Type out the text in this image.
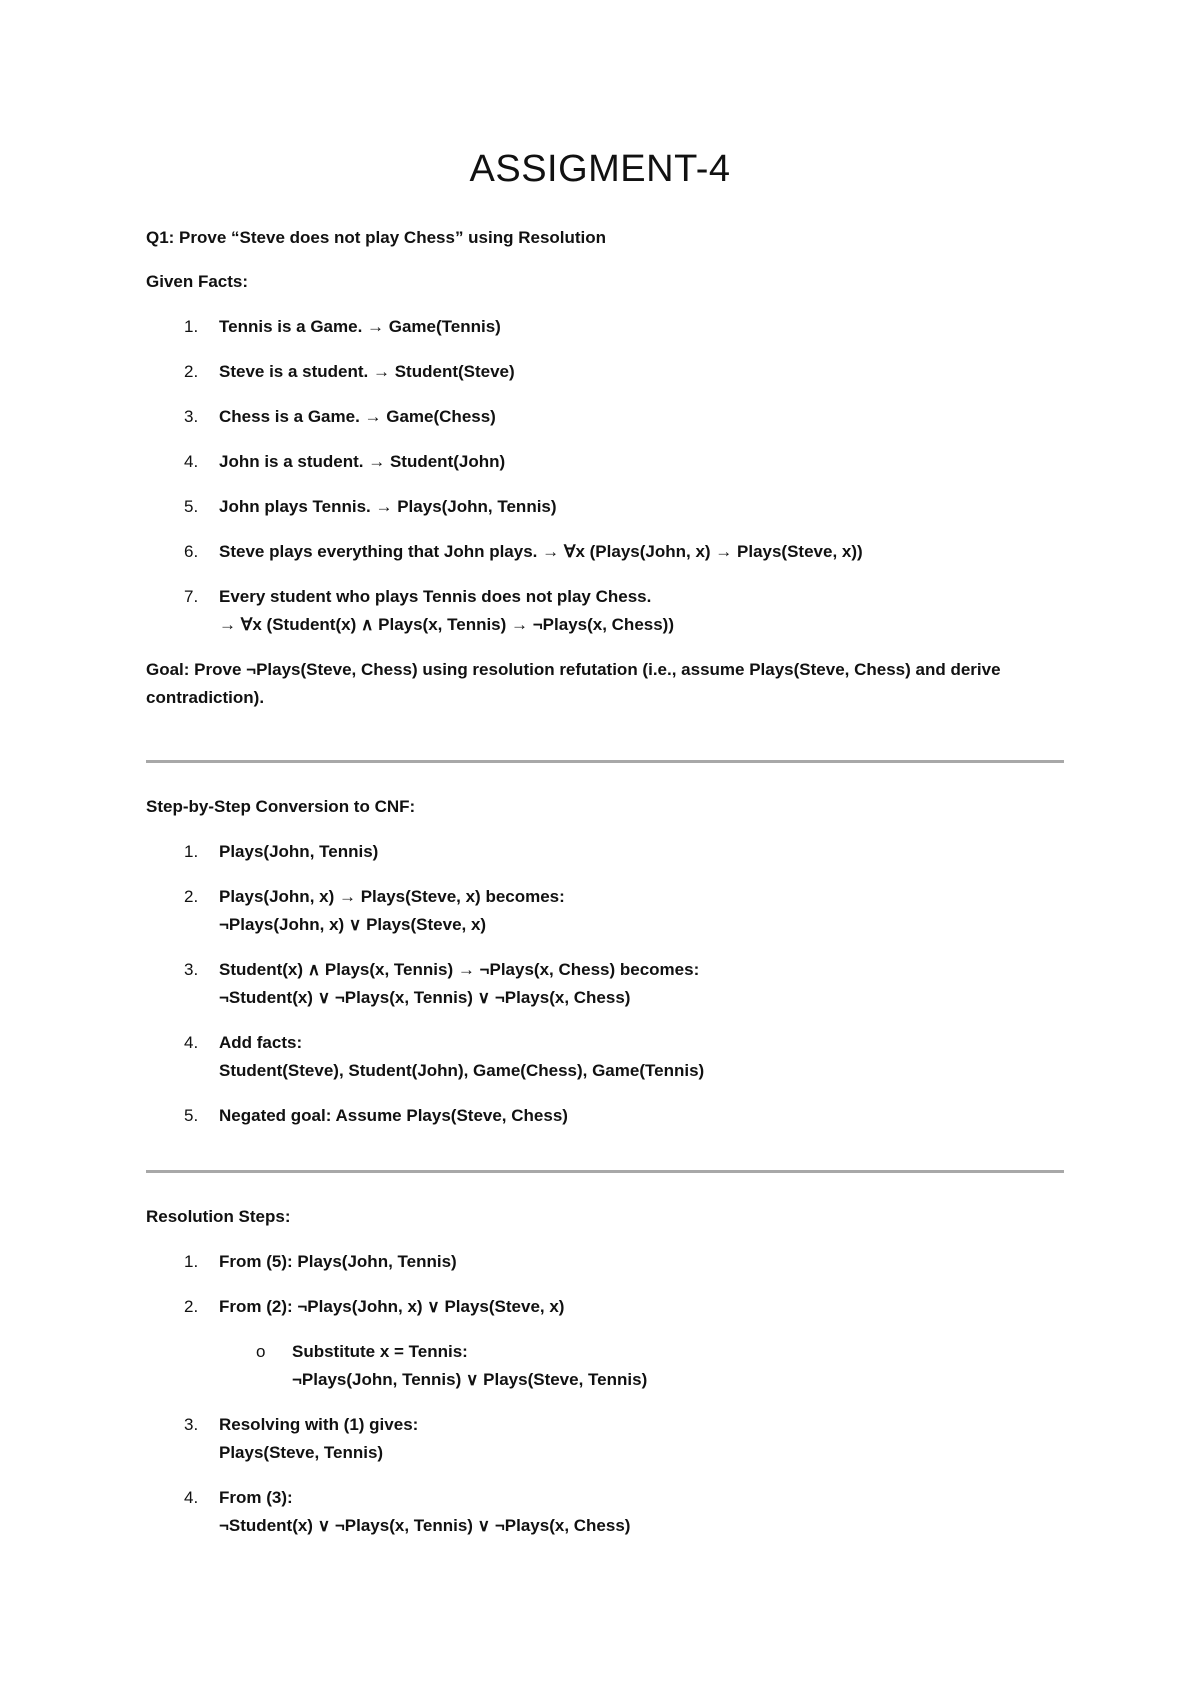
ASSIGMENT-4

Q1: Prove “Steve does not play Chess” using Resolution

Given Facts:

1. Tennis is a Game. → Game(Tennis)
2. Steve is a student. → Student(Steve)
3. Chess is a Game. → Game(Chess)
4. John is a student. → Student(John)
5. John plays Tennis. → Plays(John, Tennis)
6. Steve plays everything that John plays. → ∀x (Plays(John, x) → Plays(Steve, x))
7. Every student who plays Tennis does not play Chess.
→ ∀x (Student(x) ∧ Plays(x, Tennis) → ¬Plays(x, Chess))

Goal: Prove ¬Plays(Steve, Chess) using resolution refutation (i.e., assume Plays(Steve, Chess) and derive contradiction).

Step-by-Step Conversion to CNF:

1. Plays(John, Tennis)
2. Plays(John, x) → Plays(Steve, x) becomes:
¬Plays(John, x) ∨ Plays(Steve, x)
3. Student(x) ∧ Plays(x, Tennis) → ¬Plays(x, Chess) becomes:
¬Student(x) ∨ ¬Plays(x, Tennis) ∨ ¬Plays(x, Chess)
4. Add facts:
Student(Steve), Student(John), Game(Chess), Game(Tennis)
5. Negated goal: Assume Plays(Steve, Chess)

Resolution Steps:

1. From (5): Plays(John, Tennis)
2. From (2): ¬Plays(John, x) ∨ Plays(Steve, x)
o Substitute x = Tennis:
¬Plays(John, Tennis) ∨ Plays(Steve, Tennis)
3. Resolving with (1) gives:
Plays(Steve, Tennis)
4. From (3):
¬Student(x) ∨ ¬Plays(x, Tennis) ∨ ¬Plays(x, Chess)
